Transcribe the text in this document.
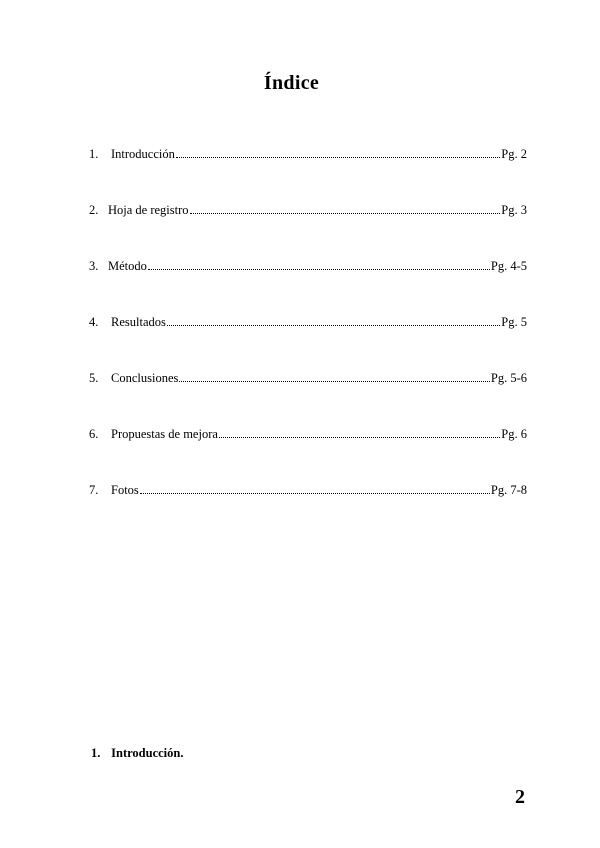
Índice
1.	Introducción	Pg. 2
2. Hoja de registro	Pg. 3
3. Método	Pg. 4-5
4.	Resultados	Pg. 5
5.	Conclusiones	Pg. 5-6
6.	Propuestas de mejora	Pg. 6
7.	Fotos	Pg. 7-8
1. Introducción.
2
